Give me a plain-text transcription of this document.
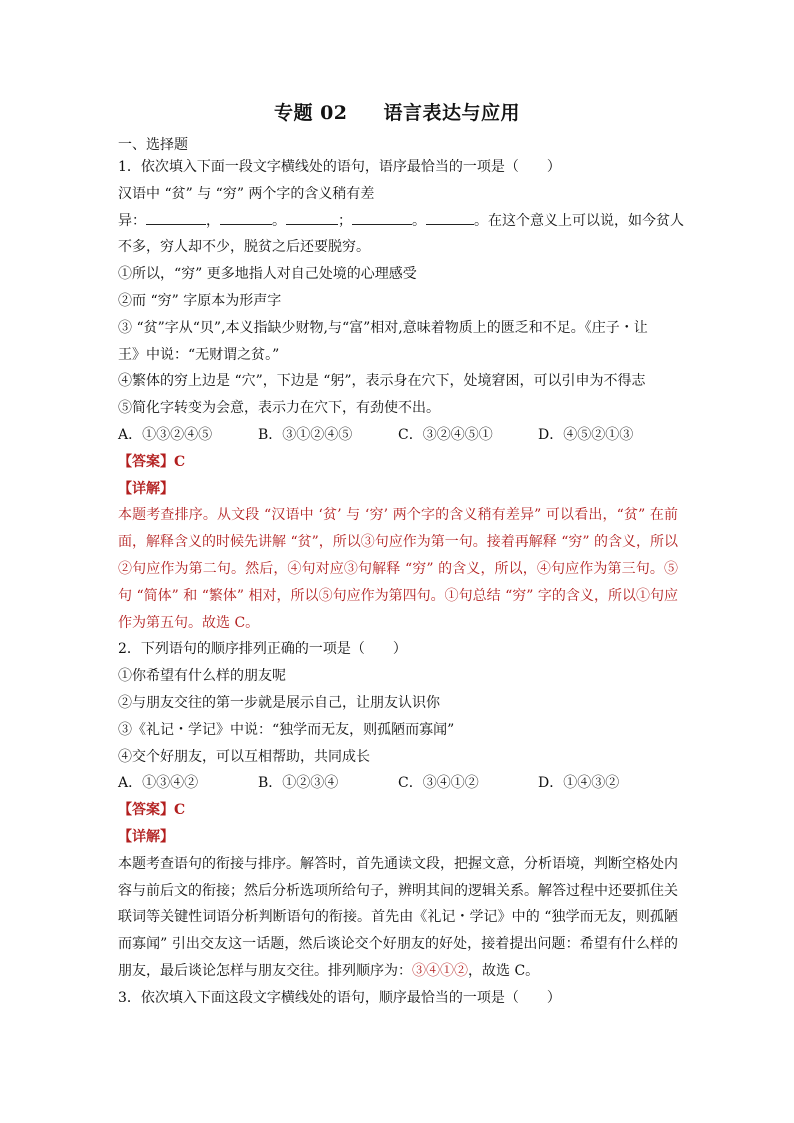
专题 02 语言表达与应用
一、选择题
1．依次填入下面一段文字横线处的语句，语序最恰当的一项是（　　）
汉语中 “贫” 与 “穷” 两个字的含义稍有差
异：	，	。	；	。	。在这个意义上可以说，如今贫人
不多，穷人却不少，脱贫之后还要脱穷。
①所以，“穷” 更多地指人对自己处境的心理感受
②而 “穷” 字原本为形声字
③ “贫”字从“贝”,本义指缺少财物,与“富”相对,意味着物质上的匮乏和不足。《庄子・让
王》中说：“无财谓之贫。”
④繁体的穷上边是 “穴”，下边是 “躬”，表示身在穴下，处境窘困，可以引申为不得志
⑤简化字转变为会意，表示力在穴下，有劲使不出。
A．①③②④⑤	B．③①②④⑤	C．③②④⑤①	D．④⑤②①③
【答案】C
【详解】
本题考查排序。从文段 “汉语中 ‘贫’ 与 ‘穷’ 两个字的含义稍有差异” 可以看出，“贫” 在前面，解释含义的时候先讲解 “贫”，所以③句应作为第一句。接着再解释 “穷” 的含义，所以②句应作为第二句。然后，④句对应③句解释 “穷” 的含义，所以，④句应作为第三句。⑤句 “简体” 和 “繁体” 相对，所以⑤句应作为第四句。①句总结 “穷” 字的含义，所以①句应作为第五句。故选 C。
2．下列语句的顺序排列正确的一项是（　　）
①你希望有什么样的朋友呢
②与朋友交往的第一步就是展示自己，让朋友认识你
③《礼记・学记》中说：“独学而无友，则孤陋而寡闻”
④交个好朋友，可以互相帮助，共同成长
A．①③④②	B．①②③④	C．③④①②	D．①④③②
【答案】C
【详解】
本题考查语句的衔接与排序。解答时，首先通读文段，把握文意，分析语境，判断空格处内容与前后文的衔接；然后分析选项所给句子，辨明其间的逻辑关系。解答过程中还要抓住关联词等关键性词语分析判断语句的衔接。首先由《礼记・学记》中的 “独学而无友，则孤陋而寡闻” 引出交友这一话题，然后谈论交个好朋友的好处，接着提出问题：希望有什么样的朋友，最后谈论怎样与朋友交往。排列顺序为：③④①②，故选 C。
3．依次填入下面这段文字横线处的语句，顺序最恰当的一项是（　　）
